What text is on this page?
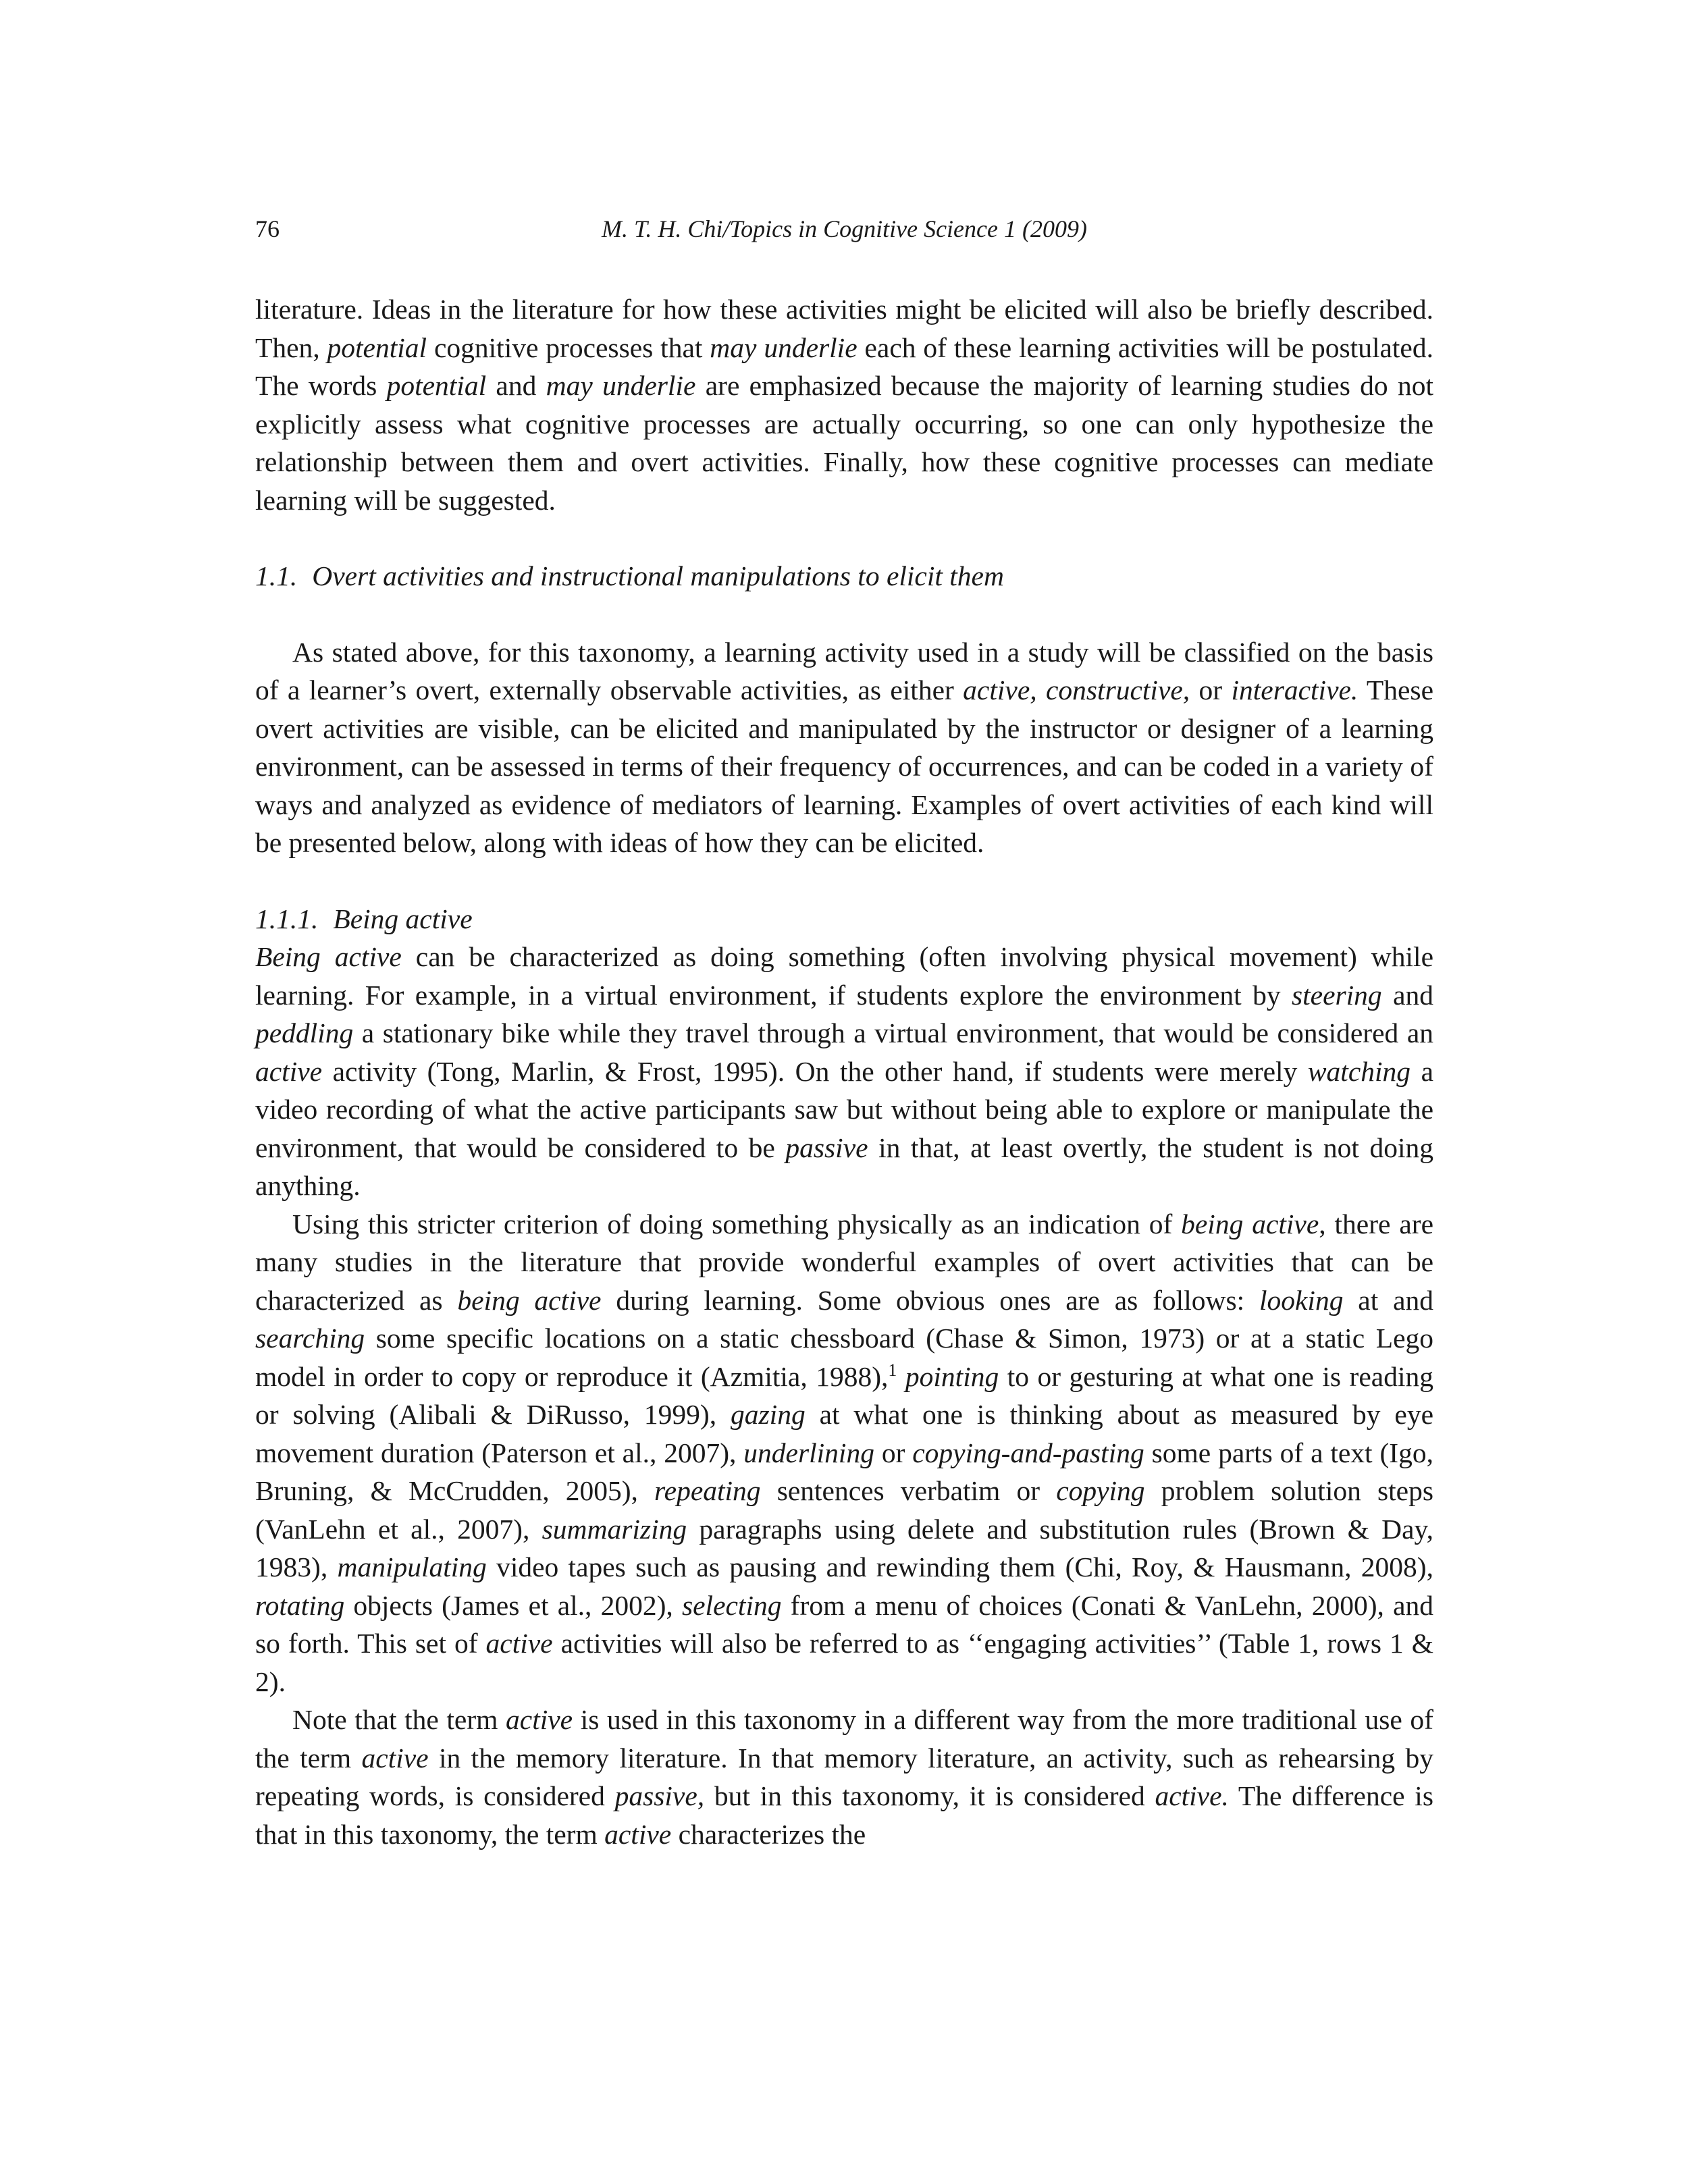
76	M. T. H. Chi/Topics in Cognitive Science 1 (2009)

literature. Ideas in the literature for how these activities might be elicited will also be briefly described. Then, potential cognitive processes that may underlie each of these learning activities will be postulated. The words potential and may underlie are emphasized because the majority of learning studies do not explicitly assess what cognitive processes are actually occurring, so one can only hypothesize the relationship between them and overt activities. Finally, how these cognitive processes can mediate learning will be suggested.

1.1. Overt activities and instructional manipulations to elicit them

As stated above, for this taxonomy, a learning activity used in a study will be classified on the basis of a learner’s overt, externally observable activities, as either active, constructive, or interactive. These overt activities are visible, can be elicited and manipulated by the instructor or designer of a learning environment, can be assessed in terms of their frequency of occurrences, and can be coded in a variety of ways and analyzed as evidence of mediators of learning. Examples of overt activities of each kind will be presented below, along with ideas of how they can be elicited.

1.1.1. Being active

Being active can be characterized as doing something (often involving physical movement) while learning. For example, in a virtual environment, if students explore the environment by steering and peddling a stationary bike while they travel through a virtual environment, that would be considered an active activity (Tong, Marlin, & Frost, 1995). On the other hand, if students were merely watching a video recording of what the active participants saw but without being able to explore or manipulate the environment, that would be considered to be passive in that, at least overtly, the student is not doing anything.

Using this stricter criterion of doing something physically as an indication of being active, there are many studies in the literature that provide wonderful examples of overt activities that can be characterized as being active during learning. Some obvious ones are as follows: looking at and searching some specific locations on a static chessboard (Chase & Simon, 1973) or at a static Lego model in order to copy or reproduce it (Azmitia, 1988),$^1$ pointing to or gesturing at what one is reading or solving (Alibali & DiRusso, 1999), gazing at what one is thinking about as measured by eye movement duration (Paterson et al., 2007), underlining or copying-and-pasting some parts of a text (Igo, Bruning, & McCrudden, 2005), repeating sentences verbatim or copying problem solution steps (VanLehn et al., 2007), summarizing paragraphs using delete and substitution rules (Brown & Day, 1983), manipulating video tapes such as pausing and rewinding them (Chi, Roy, & Hausmann, 2008), rotating objects (James et al., 2002), selecting from a menu of choices (Conati & VanLehn, 2000), and so forth. This set of active activities will also be referred to as ‘‘engaging activities’’ (Table 1, rows 1 & 2).

Note that the term active is used in this taxonomy in a different way from the more traditional use of the term active in the memory literature. In that memory literature, an activity, such as rehearsing by repeating words, is considered passive, but in this taxonomy, it is considered active. The difference is that in this taxonomy, the term active characterizes the
